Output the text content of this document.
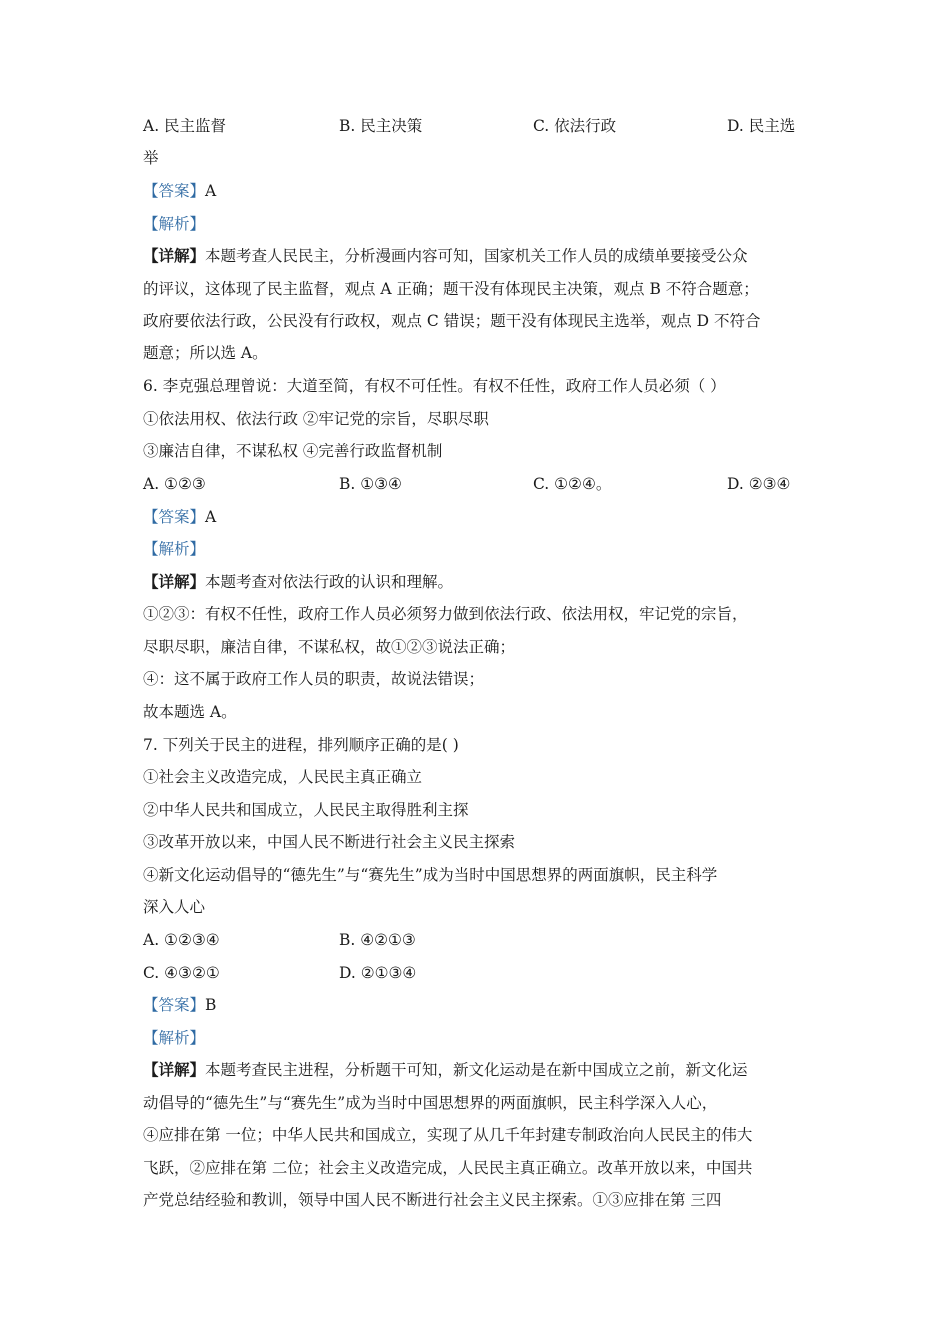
A. 民主监督	B. 民主决策	C. 依法行政	D. 民主选
举
【答案】A
【解析】
【详解】本题考查人民民主，分析漫画内容可知，国家机关工作人员的成绩单要接受公众
的评议，这体现了民主监督，观点 A 正确；题干没有体现民主决策，观点 B 不符合题意；
政府要依法行政，公民没有行政权，观点 C 错误；题干没有体现民主选举，观点 D 不符合
题意；所以选 A。
6. 李克强总理曾说：大道至简，有权不可任性。有权不任性，政府工作人员必须（ ）
①依法用权、依法行政 ②牢记党的宗旨，尽职尽职
③廉洁自律，不谋私权 ④完善行政监督机制
A. ①②③	B. ①③④	C. ①②④。	D. ②③④
【答案】A
【解析】
【详解】本题考查对依法行政的认识和理解。
①②③：有权不任性，政府工作人员必须努力做到依法行政、依法用权，牢记党的宗旨，
尽职尽职，廉洁自律，不谋私权，故①②③说法正确；
④：这不属于政府工作人员的职责，故说法错误；
故本题选 A。
7. 下列关于民主的进程，排列顺序正确的是( )
①社会主义改造完成，人民民主真正确立
②中华人民共和国成立，人民民主取得胜利主探
③改革开放以来，中国人民不断进行社会主义民主探索
④新文化运动倡导的“德先生”与“赛先生”成为当时中国思想界的两面旗帜，民主科学
深入人心
A. ①②③④	B. ④②①③
C. ④③②①	D. ②①③④
【答案】B
【解析】
【详解】本题考查民主进程，分析题干可知，新文化运动是在新中国成立之前，新文化运
动倡导的“德先生”与“赛先生”成为当时中国思想界的两面旗帜，民主科学深入人心，
④应排在第 一位；中华人民共和国成立，实现了从几千年封建专制政治向人民民主的伟大
飞跃，②应排在第 二位；社会主义改造完成，人民民主真正确立。改革开放以来，中国共
产党总结经验和教训，领导中国人民不断进行社会主义民主探索。①③应排在第 三四
